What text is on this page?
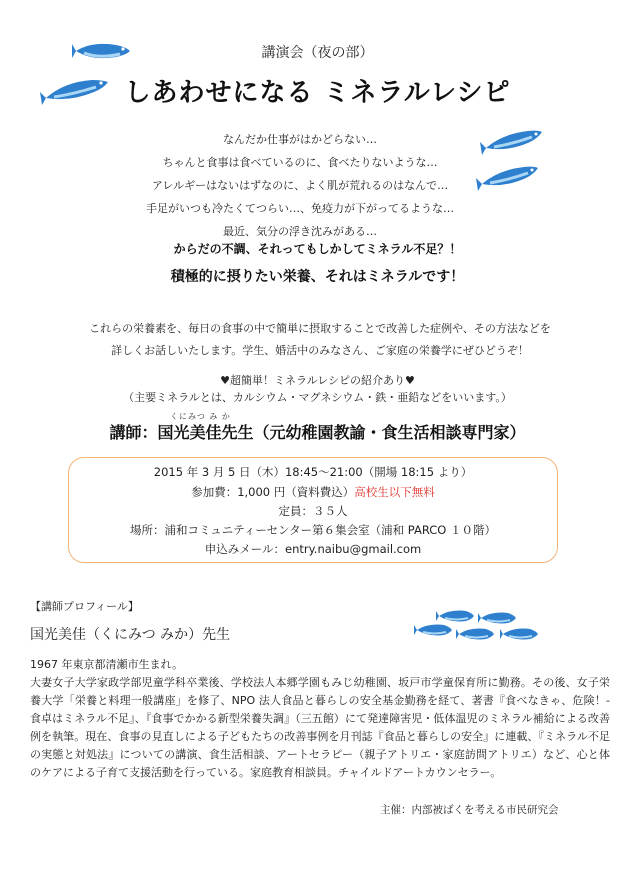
講演会（夜の部）
しあわせになる ミネラルレシピ
なんだか仕事がはかどらない…
ちゃんと食事は食べているのに、食べたりないような…
アレルギーはないはずなのに、よく肌が荒れるのはなんで…
手足がいつも冷たくてつらい…、免疫力が下がってるような…
最近、気分の浮き沈みがある…
からだの不調、それってもしかしてミネラル不足？！
積極的に摂りたい栄養、それはミネラルです！
これらの栄養素を、毎日の食事の中で簡単に摂取することで改善した症例や、その方法などを
詳しくお話しいたします。学生、婚活中のみなさん、ご家庭の栄養学にぜひどうぞ！
♥超簡単！ミネラルレシピの紹介あり♥
（主要ミネラルとは、カルシウム・マグネシウム・鉄・亜鉛などをいいます。）
くにみつ み か
講師：国光美佳先生（元幼稚園教諭・食生活相談専門家）
2015 年 3 月 5 日（木）18:45～21:00（開場 18:15 より）
参加費：1,000 円（資料費込）高校生以下無料
定員：３５人
場所：浦和コミュニティーセンター第６集会室（浦和 PARCO １０階）
申込みメール：entry.naibu@gmail.com
【講師プロフィール】
国光美佳（くにみつ みか）先生

1967 年東京都清瀬市生まれ。

大妻女子大学家政学部児童学科卒業後、学校法人本郷学園もみじ幼稚園、坂戸市学童保育所に勤務。その後、女子栄養大学「栄養と料理一般講座」を修了、NPO 法人食品と暮らしの安全基金勤務を経て、著書『食べなきゃ、危険！-食卓はミネラル不足』、『食事でかかる新型栄養失調』（三五館）にて発達障害児・低体温児のミネラル補給による改善例を執筆。現在、食事の見直しによる子どもたちの改善事例を月刊誌『食品と暮らしの安全』に連載、『ミネラル不足の実態と対処法』についての講演、食生活相談、アートセラピー（親子アトリエ・家庭訪問アトリエ）など、心と体のケアによる子育て支援活動を行っている。家庭教育相談員。チャイルドアートカウンセラー。

主催：内部被ばくを考える市民研究会
